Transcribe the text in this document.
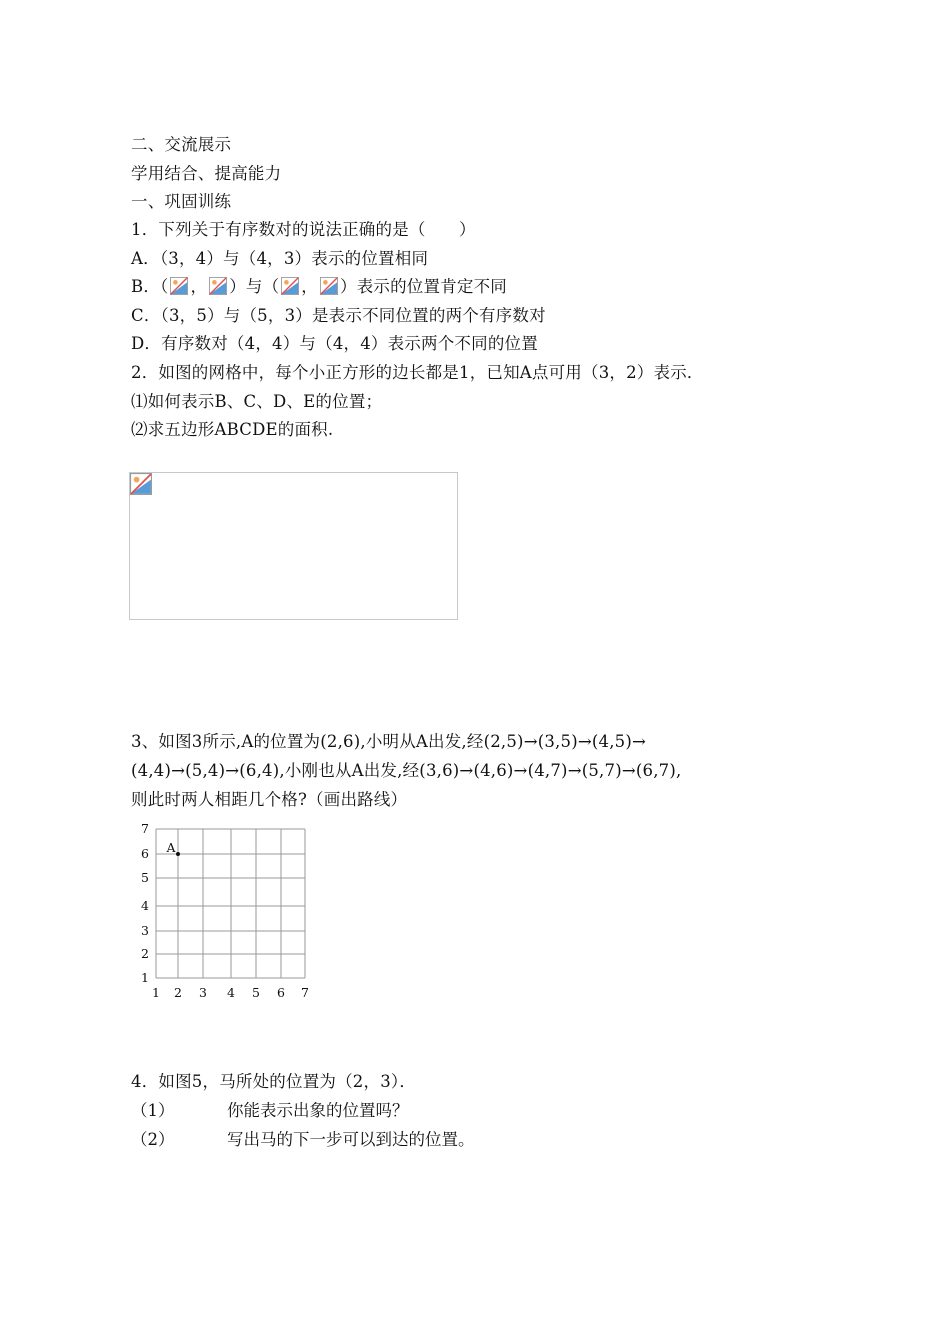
二、交流展示
学用结合、提高能力
一、巩固训练
1．下列关于有序数对的说法正确的是（　　）
A．（3，4）与（4，3）表示的位置相同
B．（ ， ）与（ ， ）表示的位置肯定不同
C．（3，5）与（5，3）是表示不同位置的两个有序数对
D．有序数对（4，4）与（4，4）表示两个不同的位置
2．如图的网格中，每个小正方形的边长都是1，已知A点可用（3，2）表示．
⑴如何表示B、C、D、E的位置；
⑵求五边形ABCDE的面积.
3、如图3所示,A的位置为(2,6),小明从A出发,经(2,5)→(3,5)→(4,5)→
(4,4)→(5,4)→(6,4),小刚也从A出发,经(3,6)→(4,6)→(4,7)→(5,7)→(6,7),
则此时两人相距几个格?（画出路线）
1 2 3 4 5 6 7
1
2
3
4
5
6
7
A
4．如图5，马所处的位置为（2，3）．
（1）	你能表示出象的位置吗？
（2）	写出马的下一步可以到达的位置。
